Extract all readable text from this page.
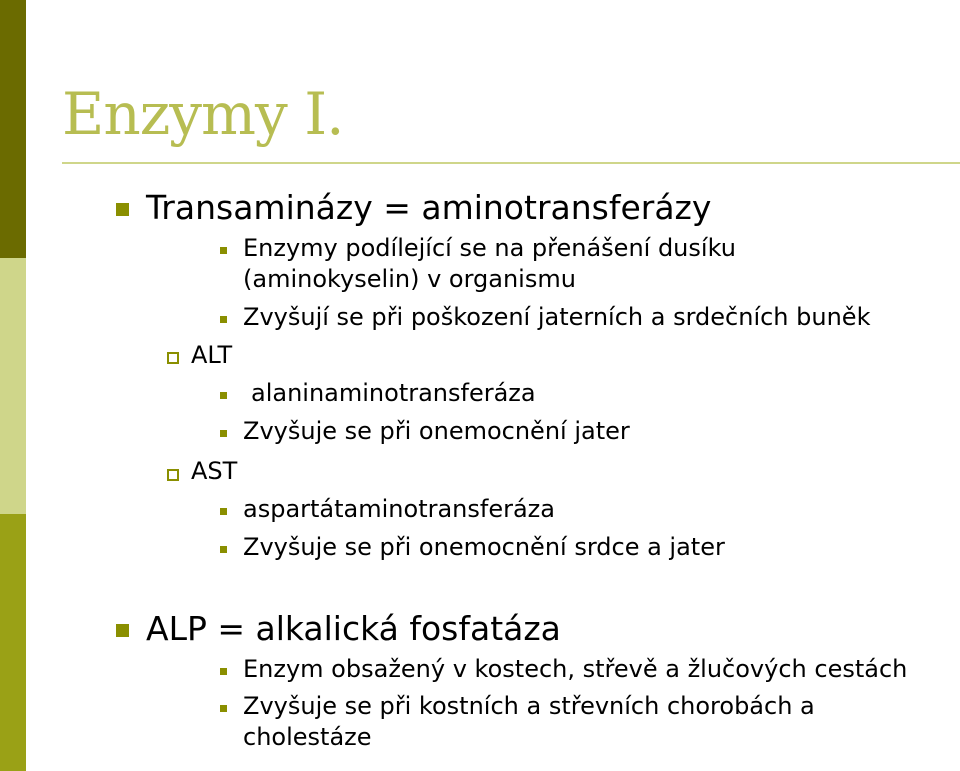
Enzymy I.
Transaminázy = aminotransferázy
Enzymy podílející se na přenášení dusíku
(aminokyselin) v organismu
Zvyšují se při poškození jaterních a srdečních buněk
ALT
alaninaminotransferáza
Zvyšuje se při onemocnění jater
AST
aspartátaminotransferáza
Zvyšuje se při onemocnění srdce a jater
ALP = alkalická fosfatáza
Enzym obsažený v kostech, střevě a žlučových cestách
Zvyšuje se při kostních a střevních chorobách a
cholestáze
